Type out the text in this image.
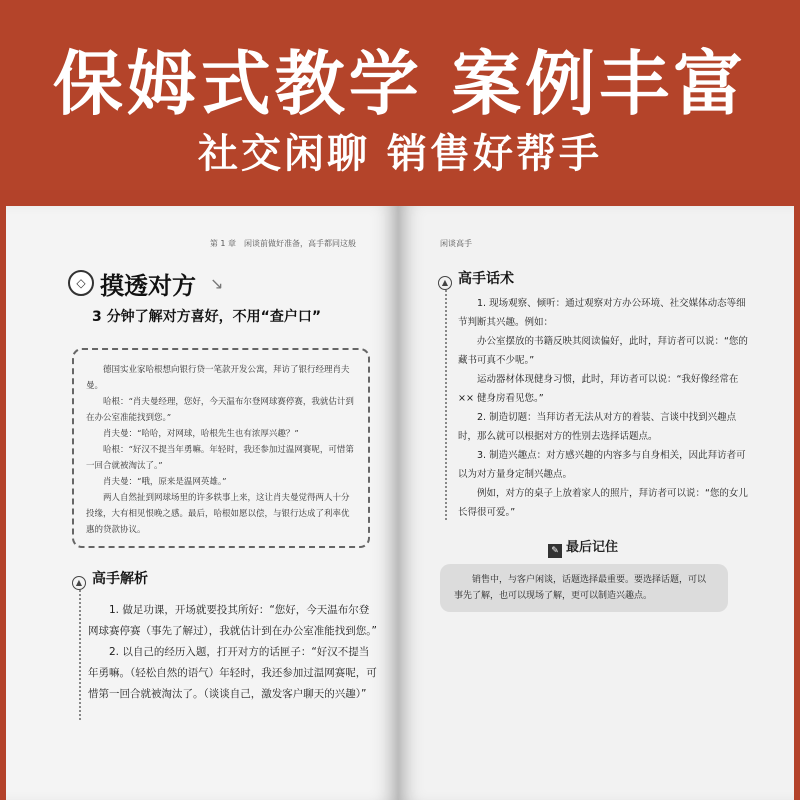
保姆式教学 案例丰富
社交闲聊 销售好帮手
第 1 章　闲谈前做好准备，高手都同这般
◇ 摸透对方 ↘
3 分钟了解对方喜好，不用“查户口”

德国实业家哈根想向银行贷一笔款开发公寓，拜访了银行经理肖夫曼。

哈根：“肖夫曼经理，您好，今天温布尔登网球赛停赛，我就估计到在办公室准能找到您。”

肖夫曼：“哈哈，对网球，哈根先生也有浓厚兴趣？”

哈根：“好汉不提当年勇嘛。年轻时，我还参加过温网赛呢，可惜第一回合就被淘汰了。”

肖夫曼：“哦，原来是温网英雄。”

两人自然扯到网球场里的许多轶事上来，这让肖夫曼觉得两人十分投缘，大有相见恨晚之感。最后，哈根如愿以偿，与银行达成了利率优惠的贷款协议。

▲ 高手解析

1. 做足功课，开场就要投其所好：“您好，今天温布尔登网球赛停赛（事先了解过），我就估计到在办公室准能找到您。”

2. 以自己的经历入题，打开对方的话匣子：“好汉不提当年勇嘛。（轻松自然的语气）年轻时，我还参加过温网赛呢，可惜第一回合就被淘汰了。（谈谈自己，激发客户聊天的兴趣）”

闲谈高手
▲ 高手话术

1. 现场观察、倾听：通过观察对方办公环境、社交媒体动态等细节判断其兴趣。例如：

办公室摆放的书籍反映其阅读偏好，此时，拜访者可以说：“您的藏书可真不少呢。”

运动器材体现健身习惯，此时，拜访者可以说：“我好像经常在 ×× 健身房看见您。”

2. 制造切题：当拜访者无法从对方的着装、言谈中找到兴趣点时，那么就可以根据对方的性别去选择话题点。

3. 制造兴趣点：对方感兴趣的内容多与自身相关，因此拜访者可以为对方量身定制兴趣点。

例如，对方的桌子上放着家人的照片，拜访者可以说：“您的女儿长得很可爱。”

✎ 最后记住

销售中，与客户闲谈，话题选择最重要。要选择话题，可以事先了解，也可以现场了解，更可以制造兴趣点。
